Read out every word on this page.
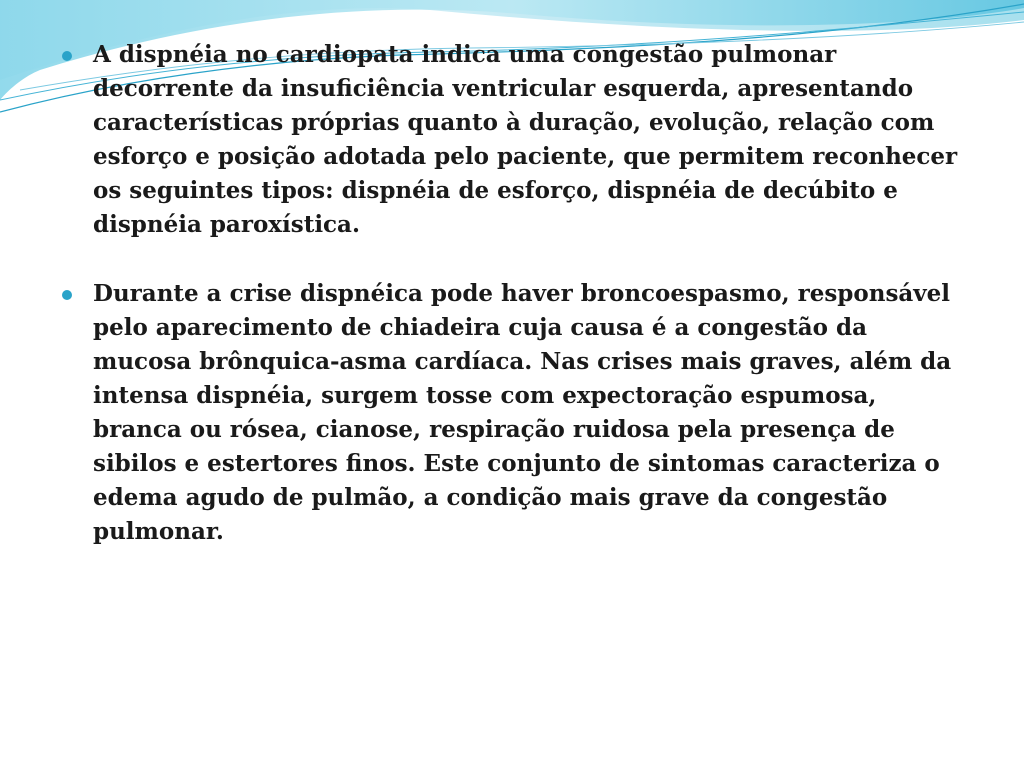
A dispnéia no cardiopata indica uma congestão pulmonar decorrente da insuficiência ventricular esquerda, apresentando características próprias quanto à duração, evolução, relação com esforço e posição adotada pelo paciente, que permitem reconhecer os seguintes tipos: dispnéia de esforço, dispnéia de decúbito e dispnéia paroxística.
Durante a crise dispnéica pode haver broncoespasmo, responsável pelo aparecimento de chiadeira cuja causa é a congestão da mucosa brônquica-asma cardíaca. Nas crises mais graves, além da intensa dispnéia, surgem tosse com expectoração espumosa, branca ou rósea, cianose, respiração ruidosa pela presença de sibilos e estertores finos. Este conjunto de sintomas caracteriza o edema agudo de pulmão, a condição mais grave da congestão pulmonar.
